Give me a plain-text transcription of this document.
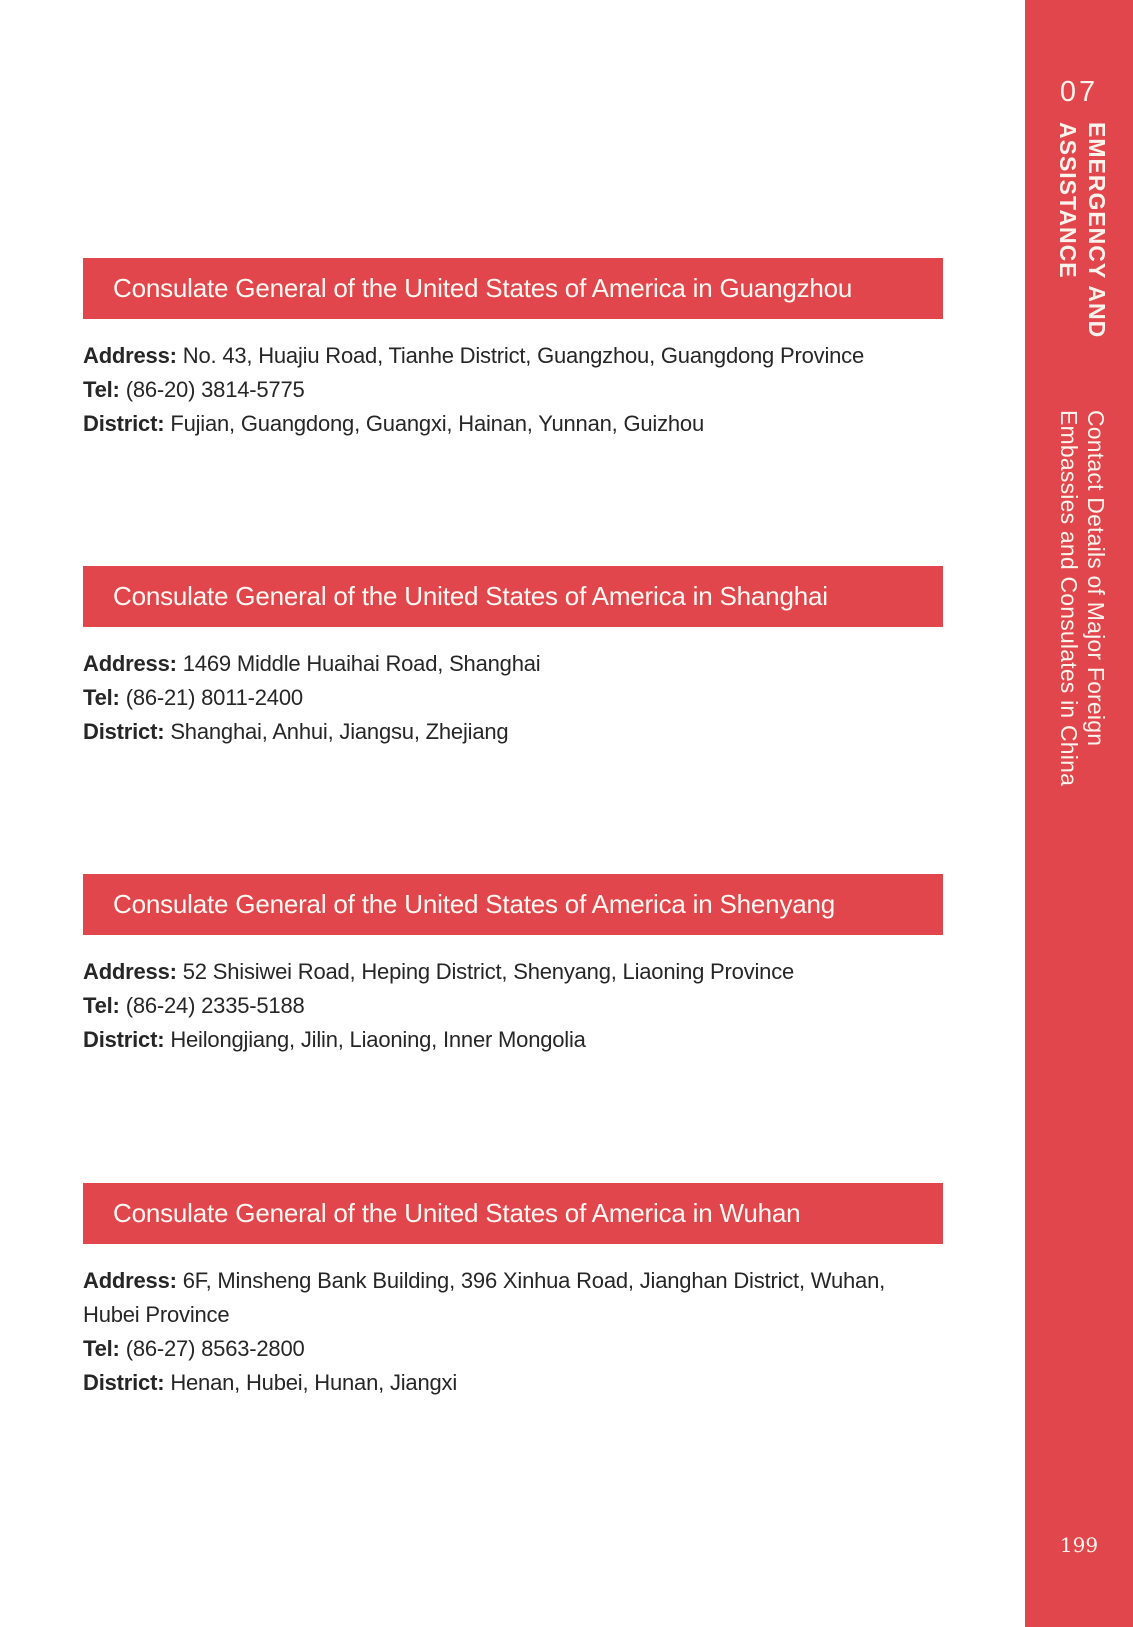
Consulate General of the United States of America in Guangzhou

Address: No. 43, Huajiu Road, Tianhe District, Guangzhou, Guangdong Province

Tel: (86-20) 3814-5775

District: Fujian, Guangdong, Guangxi, Hainan, Yunnan, Guizhou

Consulate General of the United States of America in Shanghai

Address: 1469 Middle Huaihai Road, Shanghai

Tel: (86-21) 8011-2400

District: Shanghai, Anhui, Jiangsu, Zhejiang

Consulate General of the United States of America in Shenyang

Address: 52 Shisiwei Road, Heping District, Shenyang, Liaoning Province

Tel: (86-24) 2335-5188

District: Heilongjiang, Jilin, Liaoning, Inner Mongolia

Consulate General of the United States of America in Wuhan

Address: 6F, Minsheng Bank Building, 396 Xinhua Road, Jianghan District, Wuhan, Hubei Province

Tel: (86-27) 8563-2800

District: Henan, Hubei, Hunan, Jiangxi

07
EMERGENCY AND
ASSISTANCE
Contact Details of Major Foreign
Embassies and Consulates in China
199
